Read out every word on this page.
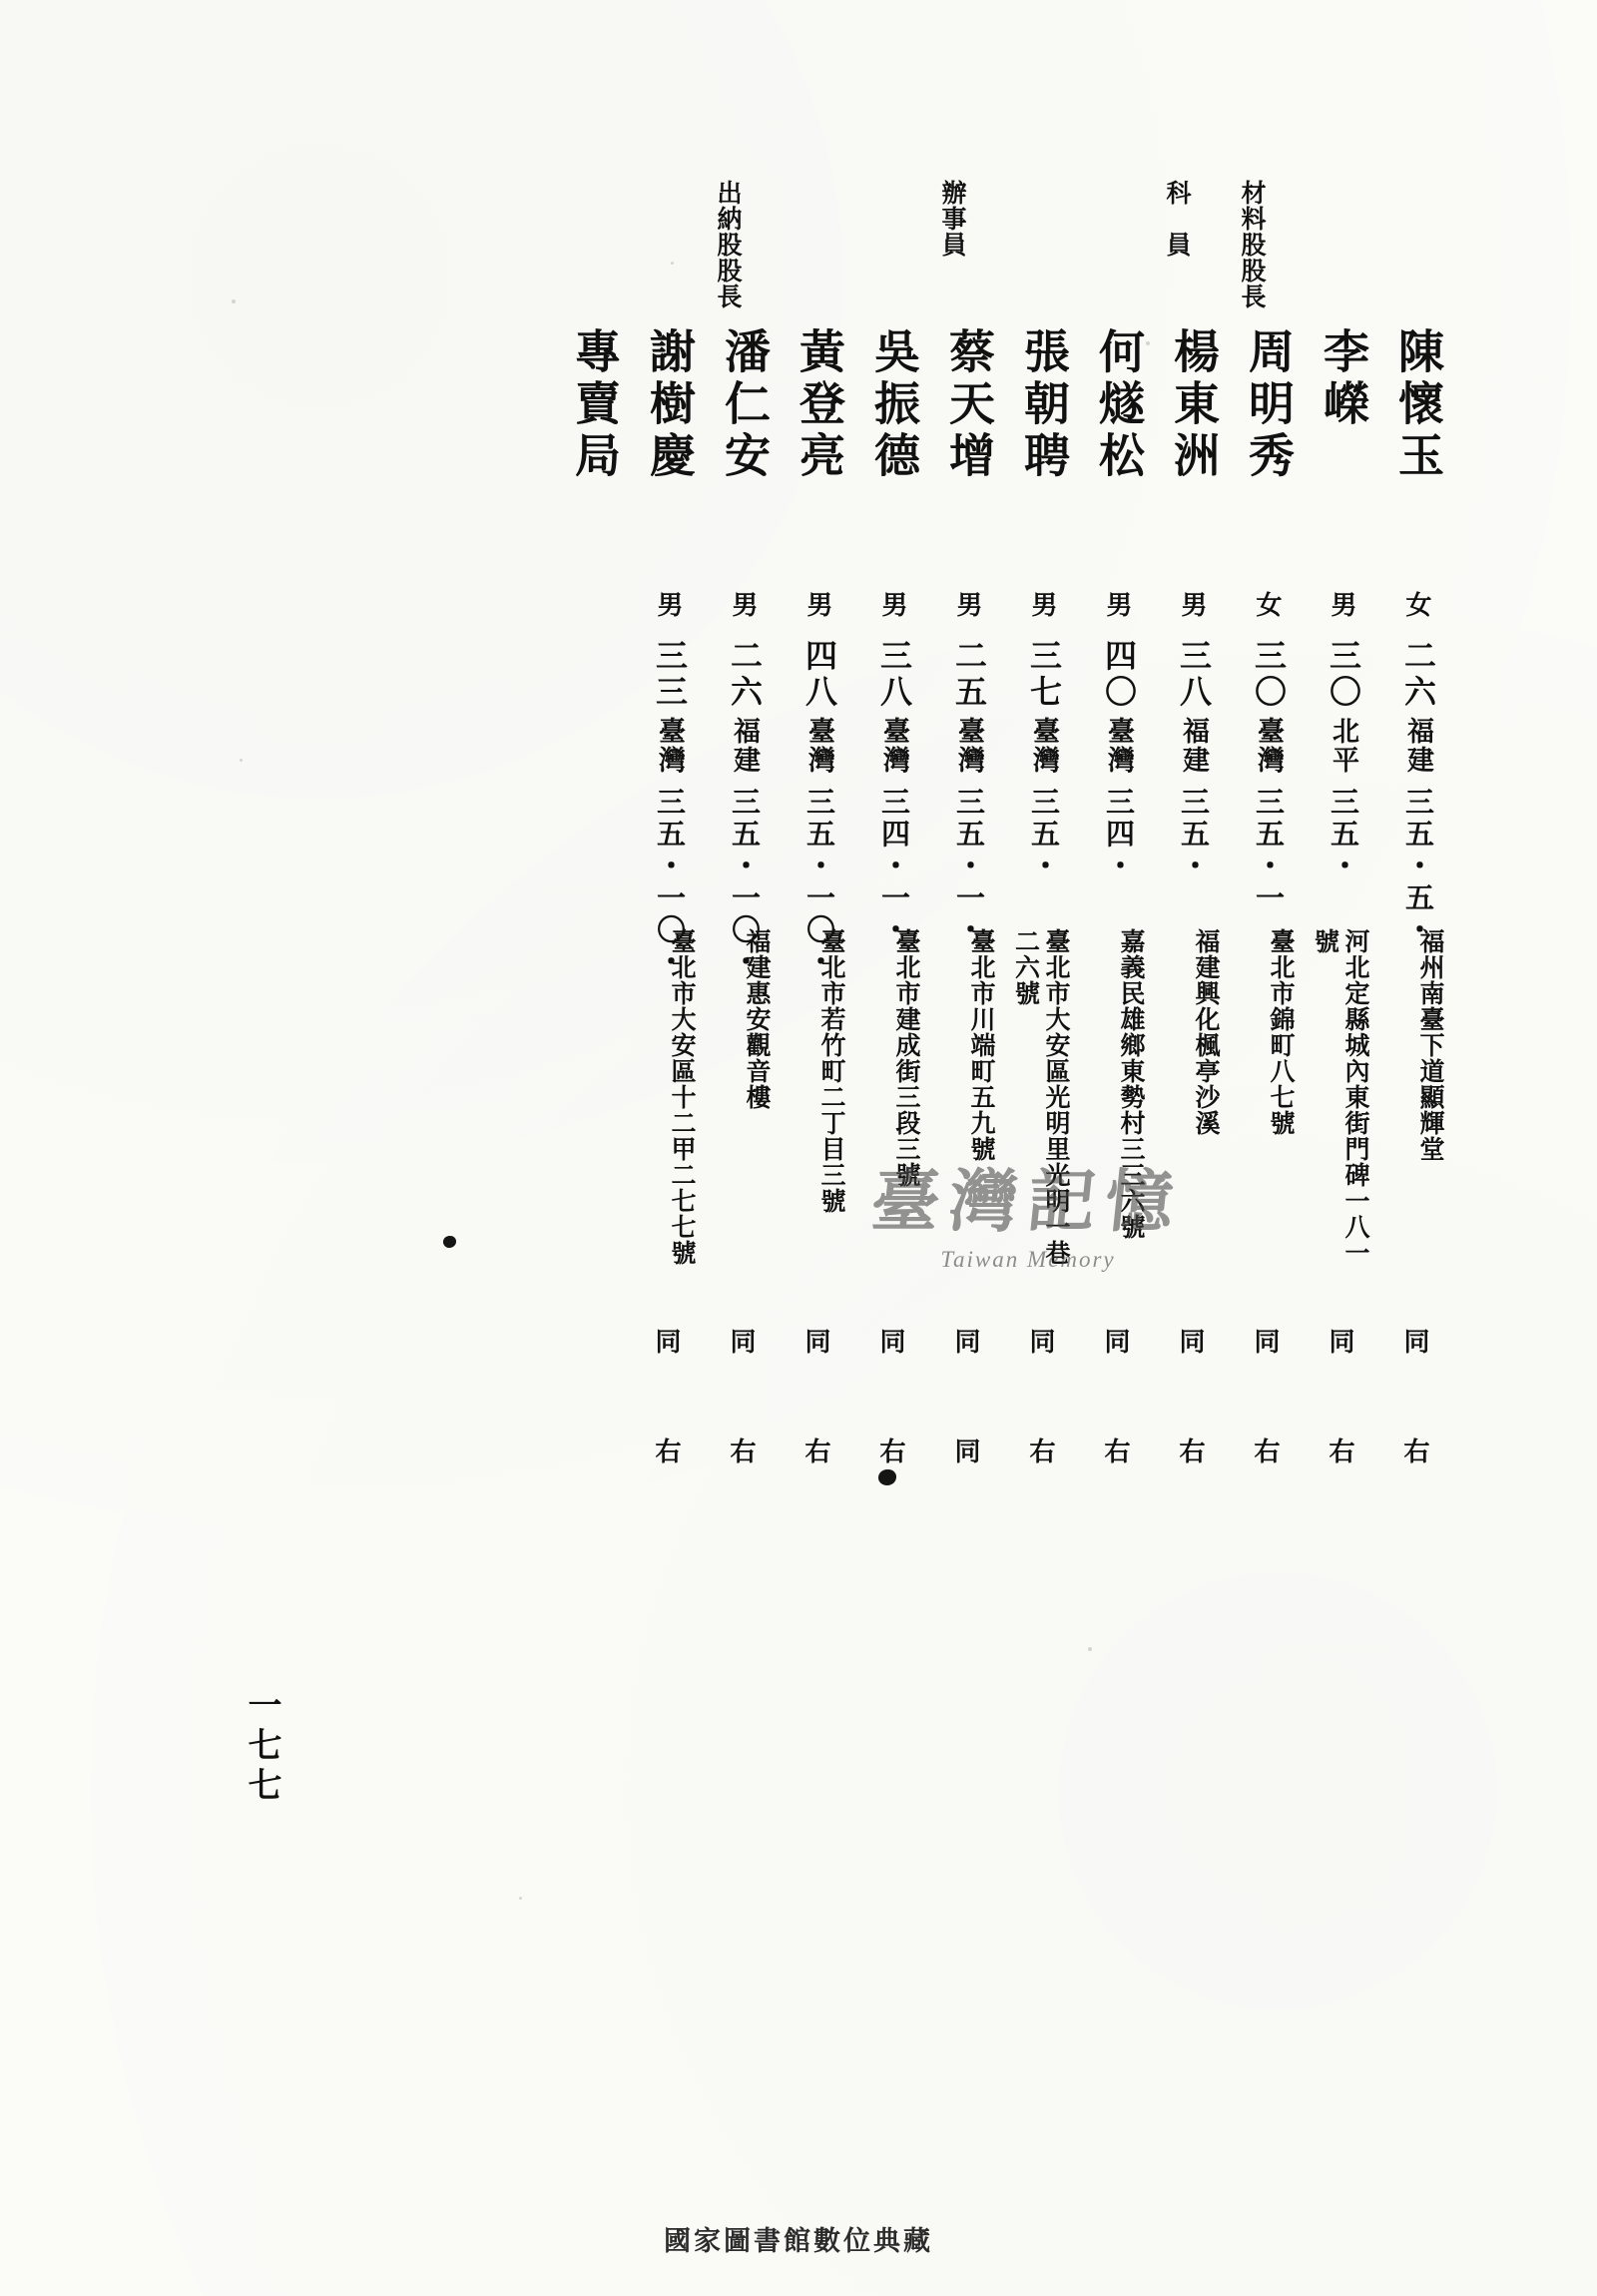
陳懷玉
女
二六
福建
三五・五・
福州南臺下道顯輝堂
同
右
李嶸
男
三〇
北平
三五・
河北定縣城內東街門碑一八一號
同
右
周明秀
女
三〇
臺灣
三五・一
臺北市錦町八七號
同
右
材料股股長
楊東洲
男
三八
福建
三五・
福建興化楓亭沙溪
同
右
科　員
何燧松
男
四〇
臺灣
三四・
嘉義民雄鄉東勢村三三六號
同
右
張朝聘
男
三七
臺灣
三五・
臺北市大安區光明里光明一巷二六號
同
右
蔡天增
男
二五
臺灣
三五・一・
臺北市川端町五九號
同
同
辦事員
吳振德
男
三八
臺灣
三四・一・
臺北市建成街三段三號
同
右
黃登亮
男
四八
臺灣
三五・一〇・
臺北市若竹町二丁目三號
同
右
潘仁安
男
二六
福建
三五・一〇・
福建惠安觀音樓
同
右
出納股股長
謝樹慶
男
三三
臺灣
三五・一〇・
臺北市大安區十二甲二七七號
同
右
專賣局
一七七
臺灣記憶
Taiwan Memory
國家圖書館數位典藏
